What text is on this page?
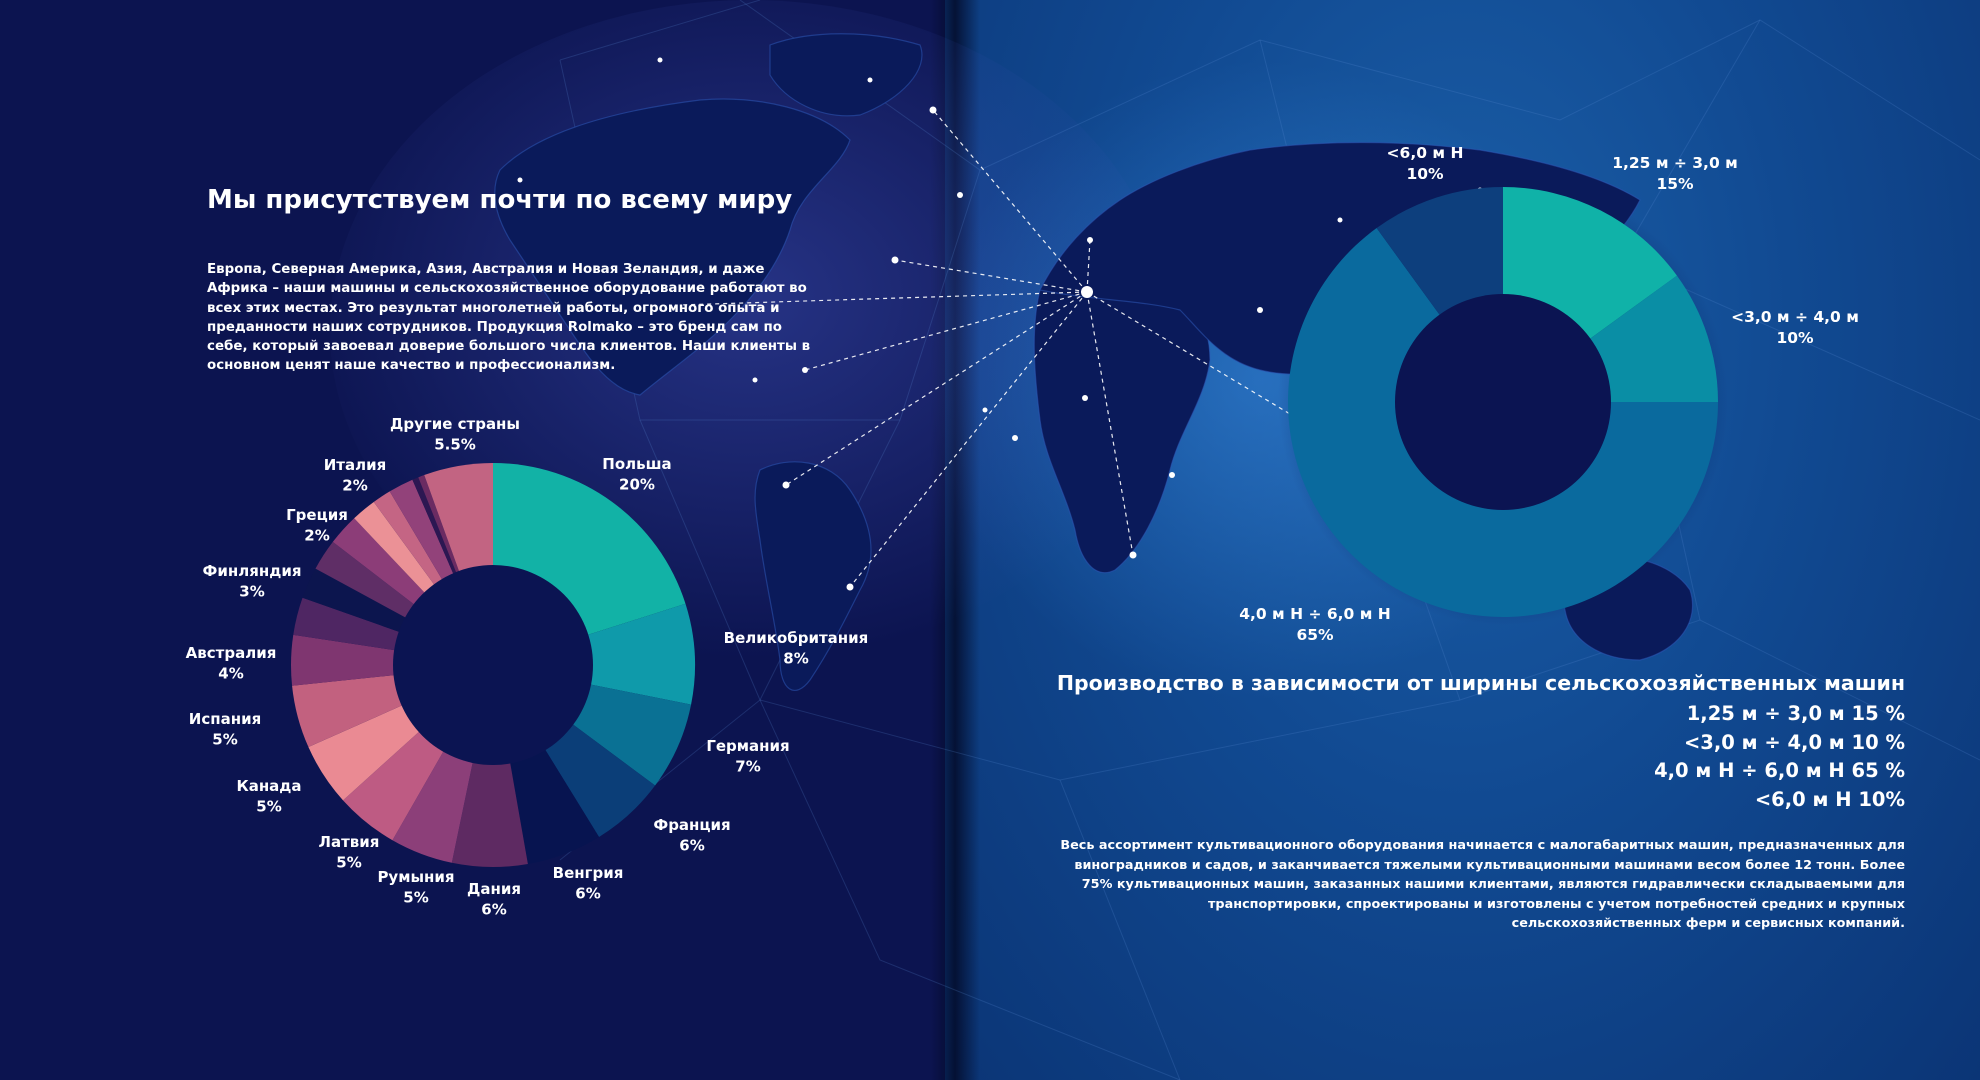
Польша 20%
Великобритания 8%
Германия 7%
Франция 6%
Венгрия 6%
Дания 6%
Румыния 5%
Латвия 5%
Канада 5%
Испания 5%
Австралия 4%
Финляндия 3%
Греция 2%
Италия 2%
Другие страны 5.5%
1,25 м ÷ 3,0 м 15%
<3,0 м ÷ 4,0 м 10%
4,0 м Н ÷ 6,0 м Н 65%
<6,0 м Н 10%
Мы присутствуем почти по всему миру
Европа, Северная Америка, Азия, Австралия и Новая Зеландия, и даже Африка – наши машины и сельскохозяйственное оборудование работают во всех этих местах. Это результат многолетней работы, огромного опыта и преданности наших сотрудников. Продукция Rolmako – это бренд сам по себе, который завоевал доверие большого числа клиентов. Наши клиенты в основном ценят наше качество и профессионализм.
Производство в зависимости от ширины сельскохозяйственных машин
1,25 м ÷ 3,0 м 15 %
<3,0 м ÷ 4,0 м 10 %
4,0 м Н ÷ 6,0 м Н 65 %
<6,0 м Н 10%
Весь ассортимент культивационного оборудования начинается с малогабаритных машин, предназначенных для виноградников и садов, и заканчивается тяжелыми культивационными машинами весом более 12 тонн. Более 75% культивационных машин, заказанных нашими клиентами, являются гидравлически складываемыми для транспортировки, спроектированы и изготовлены с учетом потребностей средних и крупных сельскохозяйственных ферм и сервисных компаний.
